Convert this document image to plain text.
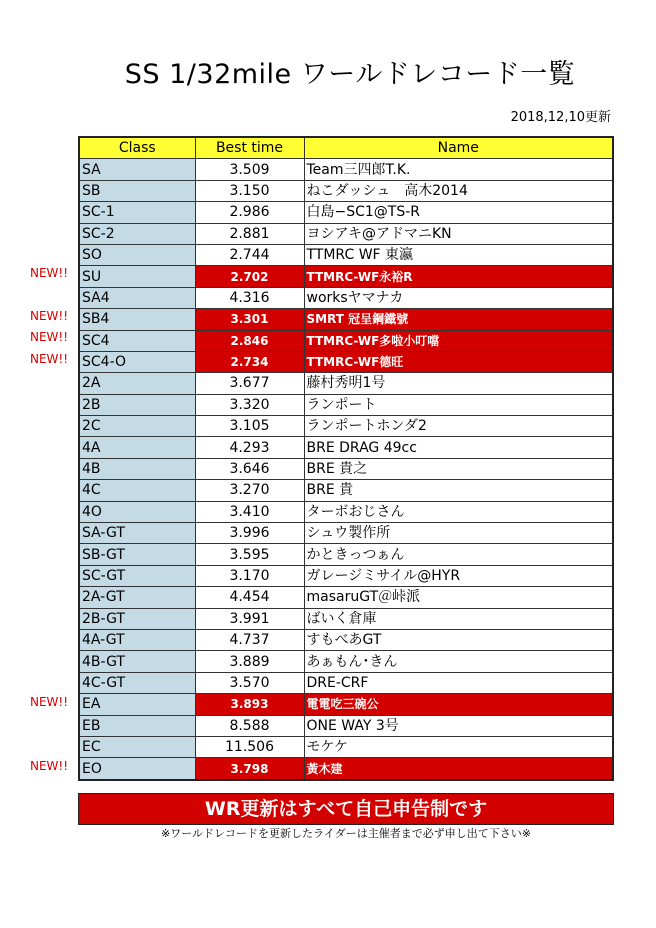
SS 1/32mile ワールドレコード一覧
2018,12,10更新
Class	Best time	Name
SA	3.509	Team三四郎T.K.
SB	3.150	ねこダッシュ　高木2014
SC-1	2.986	白島−SC1@TS-R
SC-2	2.881	ヨシアキ@アドマニKN
SO	2.744	TTMRC WF 東瀛
SU	2.702	TTMRC-WF永裕R
SA4	4.316	worksヤマナカ
SB4	3.301	SMRT 冠呈鋼鐵號
SC4	2.846	TTMRC-WF多啦小叮噹
SC4-O	2.734	TTMRC-WF德旺
2A	3.677	藤村秀明1号
2B	3.320	ランポート
2C	3.105	ランポートホンダ2
4A	4.293	BRE DRAG 49cc
4B	3.646	BRE 貴之
4C	3.270	BRE 貴
4O	3.410	ターボおじさん
SA-GT	3.996	シュウ製作所
SB-GT	3.595	かときっつぁん
SC-GT	3.170	ガレージミサイル@HYR
2A-GT	4.454	masaruGT＠峠派
2B-GT	3.991	ばいく倉庫
4A-GT	4.737	すもべあGT
4B-GT	3.889	あぁもん･きん
4C-GT	3.570	DRE-CRF
EA	3.893	電電吃三碗公
EB	8.588	ONE WAY 3号
EC	11.506	モケケ
EO	3.798	黃木建
NEW!!
NEW!!
NEW!!
NEW!!
NEW!!
NEW!!
WR更新はすべて自己申告制です
※ワールドレコードを更新したライダーは主催者まで必ず申し出て下さい※
